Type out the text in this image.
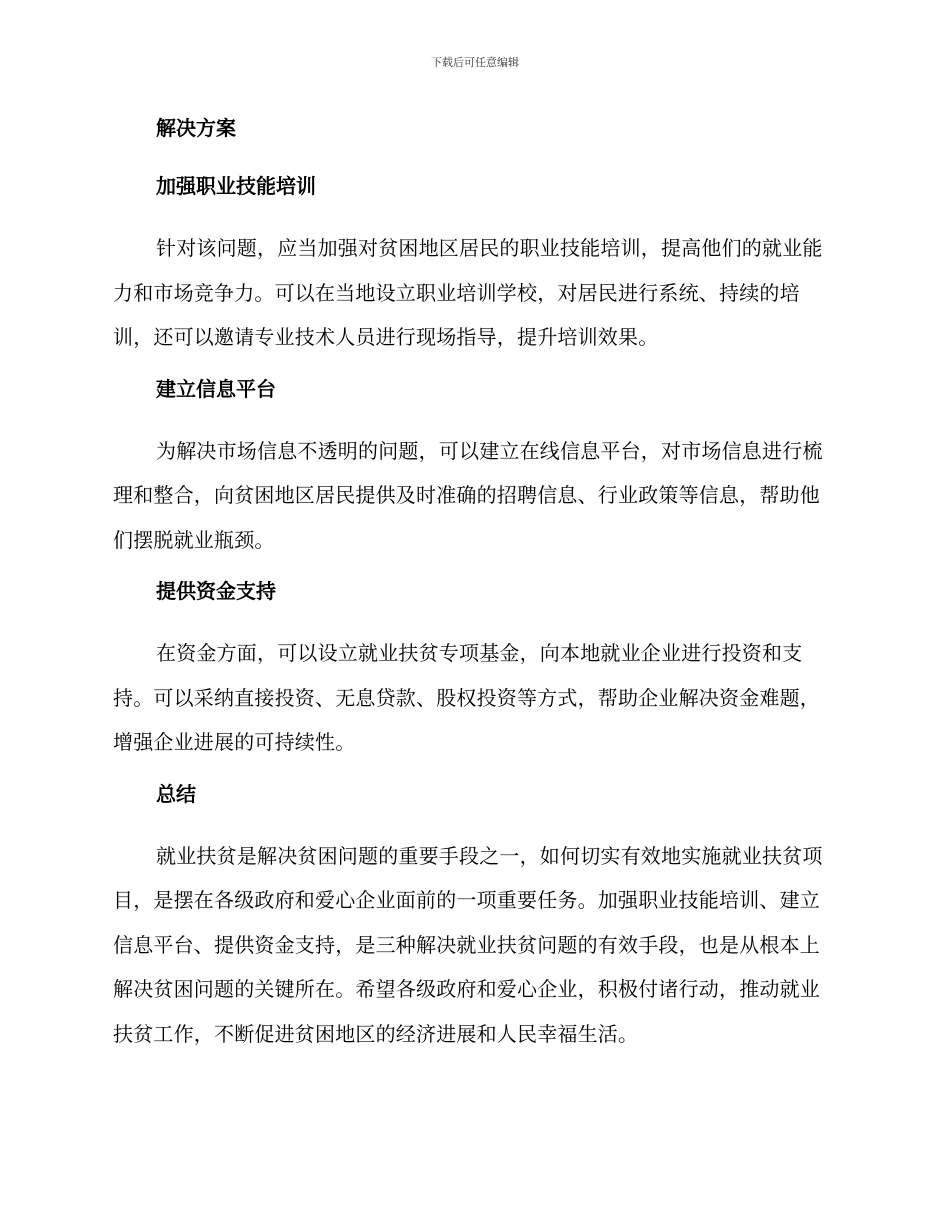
下载后可任意编辑
解决方案
加强职业技能培训

针对该问题，应当加强对贫困地区居民的职业技能培训，提高他们的就业能力和市场竞争力。可以在当地设立职业培训学校，对居民进行系统、持续的培训，还可以邀请专业技术人员进行现场指导，提升培训效果。

建立信息平台

为解决市场信息不透明的问题，可以建立在线信息平台，对市场信息进行梳理和整合，向贫困地区居民提供及时准确的招聘信息、行业政策等信息，帮助他们摆脱就业瓶颈。

提供资金支持

在资金方面，可以设立就业扶贫专项基金，向本地就业企业进行投资和支持。可以采纳直接投资、无息贷款、股权投资等方式，帮助企业解决资金难题，增强企业进展的可持续性。

总结

就业扶贫是解决贫困问题的重要手段之一，如何切实有效地实施就业扶贫项目，是摆在各级政府和爱心企业面前的一项重要任务。加强职业技能培训、建立信息平台、提供资金支持，是三种解决就业扶贫问题的有效手段，也是从根本上解决贫困问题的关键所在。希望各级政府和爱心企业，积极付诸行动，推动就业扶贫工作，不断促进贫困地区的经济进展和人民幸福生活。
